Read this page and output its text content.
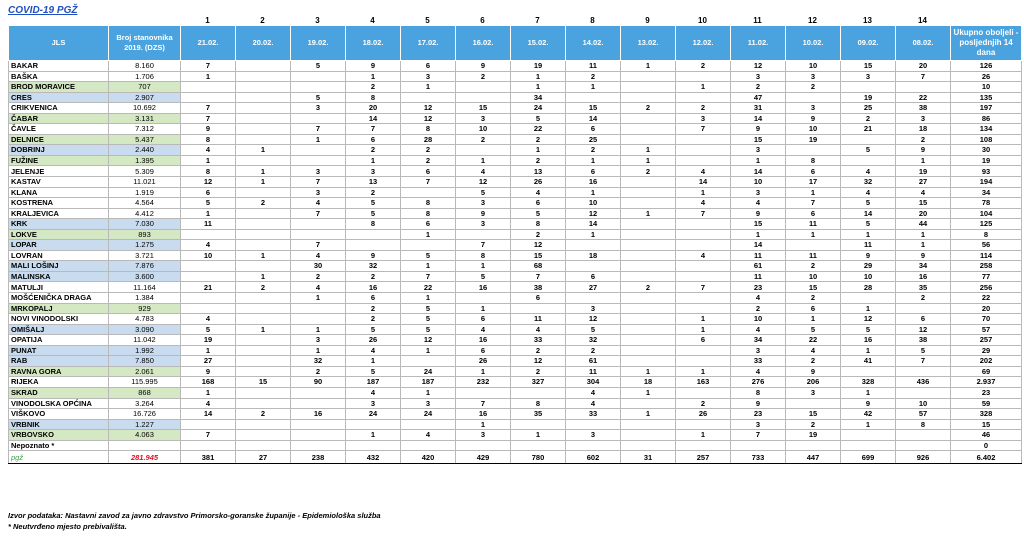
COVID-19 PGŽ
1	2	3	4	5	6	7	8	9	10	11	12	13	14
JLS	Broj stanovnika 2019. (DZS)	21.02.	20.02.	19.02.	18.02.	17.02.	16.02.	15.02.	14.02.	13.02.	12.02.	11.02.	10.02.	09.02.	08.02.	Ukupno oboljeli - posljednjih 14 dana
BAKAR	8.160	7		5	9	6	9	19	11	1	2	12	10	15	20	126
BAŠKA	1.706	1			1	3	2	1	2			3	3	3	7	26
BROD MORAVICE	707				2	1		1	1		1	2	2			10
CRES	2.907			5	8			34				47		19	22	135
CRIKVENICA	10.692	7		3	20	12	15	24	15	2	2	31	3	25	38	197
ČABAR	3.131	7			14	12	3	5	14		3	14	9	2	3	86
ČAVLE	7.312	9		7	7	8	10	22	6		7	9	10	21	18	134
DELNICE	5.437	8		1	6	28	2	2	25			15	19		2	108
DOBRINJ	2.440	4	1		2	2		1	2	1		3		5	9	30
FUŽINE	1.395	1			1	2	1	2	1	1		1	8		1	19
JELENJE	5.309	8	1	3	3	6	4	13	6	2	4	14	6	4	19	93
KASTAV	11.021	12	1	7	13	7	12	26	16		14	10	17	32	27	194
KLANA	1.919	6		3	2		5	4	1		1	3	1	4	4	34
KOSTRENA	4.564	5	2	4	5	8	3	6	10		4	4	7	5	15	78
KRALJEVICA	4.412	1		7	5	8	9	5	12	1	7	9	6	14	20	104
KRK	7.030	11			8	6	3	8	14			15	11	5	44	125
LOKVE	893					1		2	1			1	1	1	1	8
LOPAR	1.275	4		7			7	12				14		11	1	56
LOVRAN	3.721	10	1	4	9	5	8	15	18		4	11	11	9	9	114
MALI LOŠINJ	7.876			30	32	1	1	68				61	2	29	34	258
MALINSKA	3.600		1	2	2	7	5	7	6			11	10	10	16	77
MATULJI	11.164	21	2	4	16	22	16	38	27	2	7	23	15	28	35	256
MOŠĆENIČKA DRAGA	1.384			1	6	1		6				4	2		2	22
MRKOPALJ	929				2	5	1		3			2	6	1		20
NOVI VINODOLSKI	4.783	4			2	5	6	11	12		1	10	1	12	6	70
OMIŠALJ	3.090	5	1	1	5	5	4	4	5		1	4	5	5	12	57
OPATIJA	11.042	19		3	26	12	16	33	32		6	34	22	16	38	257
PUNAT	1.992	1		1	4	1	6	2	2			3	4	1	5	29
RAB	7.850	27		32	1		26	12	61			33	2	41	7	202
RAVNA GORA	2.061	9		2	5	24	1	2	11	1	1	4	9			69
RIJEKA	115.995	168	15	90	187	187	232	327	304	18	163	276	206	328	436	2.937
SKRAD	868	1			4	1			4	1		8	3	1		23
VINODOLSKA OPĆINA	3.264	4			3	3	7	8	4		2	9		9	10	59
VIŠKOVO	16.726	14	2	16	24	24	16	35	33	1	26	23	15	42	57	328
VRBNIK	1.227						1					3	2	1	8	15
VRBOVSKO	4.063	7			1	4	3	1	3		1	7	19			46
Nepoznato *																0
pgž	281.945	381	27	238	432	420	429	780	602	31	257	733	447	699	926	6.402
Izvor podataka: Nastavni zavod za javno zdravstvo Primorsko-goranske županije - Epidemiološka služba
* Neutvrđeno mjesto prebivališta.
